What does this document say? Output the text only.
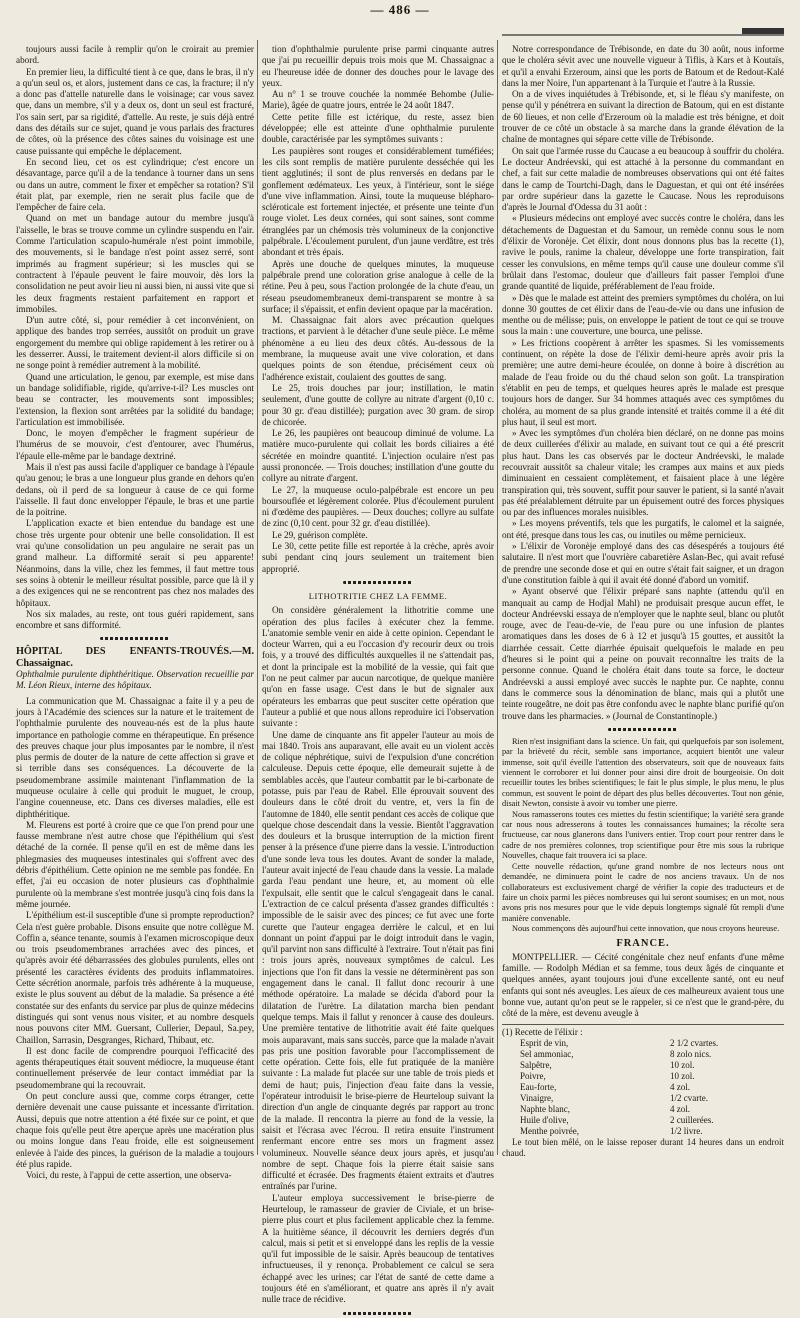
— 486 —

toujours aussi facile à remplir qu'on le croirait au premier abord.

En premier lieu, la difficulté tient à ce que, dans le bras, il n'y a qu'un seul os, et alors, justement dans ce cas, la fracture; il n'y a donc pas d'attelle naturelle dans le voisinage; car vous savez que, dans un membre, s'il y a deux os, dont un seul est fracturé, l'os sain sert, par sa rigidité, d'attelle. Au reste, je suis déjà entré dans des détails sur ce sujet, quand je vous parlais des fractures de côtes, où la présence des côtes saines du voisinage est une cause puissante qui empêche le déplacement.

En second lieu, cet os est cylindrique; c'est encore un désavantage, parce qu'il a de la tendance à tourner dans un sens ou dans un autre, comment le fixer et empêcher sa rotation? S'il était plat, par exemple, rien ne serait plus facile que de l'empêcher de faire cela.

Quand on met un bandage autour du membre jusqu'à l'aisselle, le bras se trouve comme un cylindre suspendu en l'air. Comme l'articulation scapulo-humérale n'est point immobile, des mouvements, si le bandage n'est point assez serré, sont imprimés au fragment supérieur; si les muscles qui se contractent à l'épaule peuvent le faire mouvoir, dès lors la consolidation ne peut avoir lieu ni aussi bien, ni aussi vite que si les deux fragments restaient parfaitement en rapport et immobiles.

D'un autre côté, si, pour remédier à cet inconvénient, on applique des bandes trop serrées, aussitôt on produit un grave engorgement du membre qui oblige rapidement à les retirer ou à les desserrer. Aussi, le traitement devient-il alors difficile si on ne songe point à remédier autrement à la mobilité.

Quand une articulation, le genou, par exemple, est mise dans un bandage solidifiable, rigide, qu'arrive-t-il? Les muscles ont beau se contracter, les mouvements sont impossibles; l'extension, la flexion sont arrêtées par la solidité du bandage; l'articulation est immobilisée.

Donc, le moyen d'empêcher le fragment supérieur de l'humérus de se mouvoir, c'est d'entourer, avec l'humérus, l'épaule elle-même par le bandage dextriné.

Mais il n'est pas aussi facile d'appliquer ce bandage à l'épaule qu'au genou; le bras a une longueur plus grande en dehors qu'en dedans, où il perd de sa longueur à cause de ce qui forme l'aisselle. Il faut donc envelopper l'épaule, le bras et une partie de la poitrine.

L'application exacte et bien entendue du bandage est une chose très urgente pour obtenir une belle consolidation. Il est vrai qu'une consolidation un peu angulaire ne serait pas un grand malheur. La difformité serait si peu apparente! Néanmoins, dans la ville, chez les femmes, il faut mettre tous ses soins à obtenir le meilleur résultat possible, parce que là il y a des exigences qui ne se rencontrent pas chez nos malades des hôpitaux.

Nos six malades, au reste, ont tous guéri rapidement, sans encombre et sans difformité.

HÔPITAL DES ENFANTS-TROUVÉS.—M. Chassaignac.

Ophthalmie purulente diphthéritique. Observation recueillie par M. Léon Rieux, interne des hôpitaux.

La communication que M. Chassaignac a faite il y a peu de jours à l'Académie des sciences sur la nature et le traitement de l'ophthalmie purulente des nouveau-nés est de la plus haute importance en pathologie comme en thérapeutique. En présence des preuves chaque jour plus imposantes par le nombre, il n'est plus permis de douter de la nature de cette affection si grave et si terrible dans ses conséquences. La découverte de la pseudomembrane assimile maintenant l'inflammation de la muqueuse oculaire à celle qui produit le muguet, le croup, l'angine couenneuse, etc. Dans ces diverses maladies, elle est diphthéritique.

M. Fleurens est porté à croire que ce que l'on prend pour une fausse membrane n'est autre chose que l'épithélium qui s'est détaché de la cornée. Il pense qu'il en est de même dans les phlegmasies des muqueuses intestinales qui s'offrent avec des débris d'épithélium. Cette opinion ne me semble pas fondée. En effet, j'ai eu occasion de noter plusieurs cas d'ophthalmie purulente où la membrane s'est montrée jusqu'à cinq fois dans la même journée.

L'épithélium est-il susceptible d'une si prompte reproduction? Cela n'est guère probable. Disons ensuite que notre collègue M. Coffin a, séance tenante, soumis à l'examen microscopique deux ou trois pseudomembranes arrachées avec des pinces, et qu'après avoir été débarrassées des globules purulents, elles ont présenté les caractères évidents des produits inflammatoires. Cette sécrétion anormale, parfois très adhérente à la muqueuse, existe le plus souvent au début de la maladie. Sa présence a été constatée sur des enfants du service par plus de quinze médecins distingués qui sont venus nous visiter, et au nombre desquels nous pouvons citer MM. Guersant, Cullerier, Depaul, Sa.pey, Chaillon, Sarrasin, Desgranges, Richard, Thibaut, etc.

Il est donc facile de comprendre pourquoi l'efficacité des agents thérapeutiques était souvent médiocre, la muqueuse étant continuellement préservée de leur contact immédiat par la pseudomembrane qui la recouvrait.

On peut conclure aussi que, comme corps étranger, cette dernière devenait une cause puissante et incessante d'irritation. Aussi, depuis que notre attention a été fixée sur ce point, et que chaque fois qu'elle peut être aperçue après une macération plus ou moins longue dans l'eau froide, elle est soigneusement enlevée à l'aide des pinces, la guérison de la maladie a toujours été plus rapide.

Voici, du reste, à l'appui de cette assertion, une observa-

tion d'ophthalmie purulente prise parmi cinquante autres que j'ai pu recueillir depuis trois mois que M. Chassaignac a eu l'heureuse idée de donner des douches pour le lavage des yeux.

Au n° 1 se trouve couchée la nommée Behombe (Julie-Marie), âgée de quatre jours, entrée le 24 août 1847.

Cette petite fille est ictérique, du reste, assez bien développée; elle est atteinte d'une ophthalmie purulente double, caractérisée par les symptômes suivants :

Les paupières sont rouges et considérablement tuméfiées; les cils sont remplis de matière purulente desséchée qui les tient agglutinés; il sont de plus renversés en dedans par le gonflement œdémateux. Les yeux, à l'intérieur, sont le siége d'une vive inflammation. Ainsi, toute la muqueuse blépharo-scléroticale est fortement injectée, et présente une teinte d'un rouge violet. Les deux cornées, qui sont saines, sont comme étranglées par un chémosis très volumineux de la conjonctive palpébrale. L'écoulement purulent, d'un jaune verdâtre, est très abondant et très épais.

Après une douche de quelques minutes, la muqueuse palpébrale prend une coloration grise analogue à celle de la rétine. Peu à peu, sous l'action prolongée de la chute d'eau, un réseau pseudomembraneux demi-transparent se montre à sa surface; il s'épaissit, et enfin devient opaque par la macération.

M. Chassaignac fait alors avec précaution quelques tractions, et parvient à le détacher d'une seule pièce. Le même phénomène a eu lieu des deux côtés. Au-dessous de la membrane, la muqueuse avait une vive coloration, et dans quelques points de son étendue, précisément ceux où l'adhérence existait, coulaient des gouttes de sang.

Le 25, trois douches par jour; instillation, le matin seulement, d'une goutte de collyre au nitrate d'argent (0,10 c. pour 30 gr. d'eau distillée); purgation avec 30 gram. de sirop de chicorée.

Le 26, les paupières ont beaucoup diminué de volume. La matière muco-purulente qui collait les bords ciliaires a été sécrétée en moindre quantité. L'injection oculaire n'est pas aussi prononcée. — Trois douches; instillation d'une goutte du collyre au nitrate d'argent.

Le 27, la muqueuse oculo-palpébrale est encore un peu boursouflée et légèrement colorée. Plus d'écoulement purulent ni d'œdème des paupières. — Deux douches; collyre au sulfate de zinc (0,10 cent. pour 32 gr. d'eau distillée).

Le 29, guérison complète.

Le 30, cette petite fille est reportée à la crèche, après avoir subi pendant cinq jours seulement un traitement bien approprié.

LITHOTRITIE CHEZ LA FEMME.

On considère généralement la lithotritie comme une opération des plus faciles à exécuter chez la femme. L'anatomie semble venir en aide à cette opinion. Cependant le docteur Warren, qui a eu l'occasion d'y recourir deux ou trois fois, y a trouvé des difficultés auxquelles il ne s'attendait pas, et dont la principale est la mobilité de la vessie, qui fait que l'on ne peut calmer par aucun narcotique, de quelque manière qu'on en fasse usage. C'est dans le but de signaler aux opérateurs les embarras que peut susciter cette opération que l'auteur a publié et que nous allons reproduire ici l'observation suivante :

Une dame de cinquante ans fit appeler l'auteur au mois de mai 1840. Trois ans auparavant, elle avait eu un violent accès de colique néphrétique, suivi de l'expulsion d'une concrétion calculeuse. Depuis cette époque, elle demeurait sujette à de semblables accès, que l'auteur combattit par le bi-carbonate de potasse, puis par l'eau de Rabel. Elle éprouvait souvent des douleurs dans le côté droit du ventre, et, vers la fin de l'automne de 1840, elle sentit pendant ces accès de colique que quelque chose descendait dans la vessie. Bientôt l'aggravation des douleurs et la brusque interruption de la miction firent penser à la présence d'une pierre dans la vessie. L'introduction d'une sonde leva tous les doutes. Avant de sonder la malade, l'auteur avait injecté de l'eau chaude dans la vessie. La malade garda l'eau pendant une heure, et, au moment où elle l'expulsait, elle sentit que le calcul s'engageait dans le canal. L'extraction de ce calcul présenta d'assez grandes difficultés : impossible de le saisir avec des pinces; ce fut avec une forte curette que l'auteur engagea derrière le calcul, et en lui donnant un point d'appui par le doigt introduit dans le vagin, qu'il parvint non sans difficulté à l'extraire. Tout n'était pas fini : trois jours après, nouveaux symptômes de calcul. Les injections que l'on fit dans la vessie ne déterminèrent pas son engagement dans le canal. Il fallut donc recourir à une méthode opératoire. La malade se décida d'abord pour la dilatation de l'urètre. La dilatation marcha bien pendant quelque temps. Mais il fallut y renoncer à cause des douleurs. Une première tentative de lithotritie avait été faite quelques mois auparavant, mais sans succès, parce que la malade n'avait pas pris une position favorable pour l'accomplissement de cette opération. Cette fois, elle fut pratiquée de la manière suivante : La malade fut placée sur une table de trois pieds et demi de haut; puis, l'injection d'eau faite dans la vessie, l'opérateur introduisit le brise-pierre de Heurteloup suivant la direction d'un angle de cinquante degrés par rapport au tronc de la malade. Il rencontra la pierre au fond de la vessie, la saisit et l'écrasa avec l'écrou. Il retira ensuite l'instrument renfermant encore entre ses mors un fragment assez volumineux. Nouvelle séance deux jours après, et jusqu'au nombre de sept. Chaque fois la pierre était saisie sans difficulté et écrasée. Des fragments étaient extraits et d'autres entraînés par l'urine.

L'auteur employa successivement le brise-pierre de Heurteloup, le ramasseur de gravier de Civiale, et un brise-pierre plus court et plus facilement applicable chez la femme. A la huitième séance, il découvrit les derniers degrés d'un calcul, mais si petit et si enveloppé dans les replis de la vessie qu'il fut impossible de le saisir. Après beaucoup de tentatives infructueuses, il y renonça. Probablement ce calcul se sera échappé avec les urines; car l'état de santé de cette dame a toujours été en s'améliorant, et quatre ans après il n'y avait nulle trace de récidive.

Notre correspondance de Trébisonde, en date du 30 août, nous informe que le choléra sévit avec une nouvelle vigueur à Tiflis, à Kars et à Koutaïs, et qu'il a envahi Erzeroum, ainsi que les ports de Batoum et de Redout-Kalé dans la mer Noire, l'un appartenant à la Turquie et l'autre à la Russie.

On a de vives inquiétudes à Trébisonde, et, si le fléau s'y manifeste, on pense qu'il y pénétrera en suivant la direction de Batoum, qui en est distante de 60 lieues, et non celle d'Erzeroum où la maladie est très bénigne, et doit trouver de ce côté un obstacle à sa marche dans la grande élévation de la chaîne de montagnes qui sépare cette ville de Trébisonde.

On sait que l'armée russe du Caucase a eu beaucoup à souffrir du choléra. Le docteur Andréevski, qui est attaché à la personne du commandant en chef, a fait sur cette maladie de nombreuses observations qui ont été faites dans le camp de Tourtchi-Dagh, dans le Daguestan, et qui ont été insérées par ordre supérieur dans la gazette le Caucase. Nous les reproduisons d'après le Journal d'Odessa du 31 août :

« Plusieurs médecins ont employé avec succès contre le choléra, dans les détachements de Daguestan et du Samour, un remède connu sous le nom d'élixir de Voronèje. Cet élixir, dont nous donnons plus bas la recette (1), ravive le pouls, ranime la chaleur, développe une forte transpiration, fait cesser les convulsions, en même temps qu'il cause une douleur comme s'il brûlait dans l'estomac, douleur que d'ailleurs fait passer l'emploi d'une grande quantité de liquide, préférablement de l'eau froide.

» Dès que le malade est atteint des premiers symptômes du choléra, on lui donne 30 gouttes de cet élixir dans de l'eau-de-vie ou dans une infusion de menthe ou de mélisse; puis, on enveloppe le patient de tout ce qui se trouve sous la main : une couverture, une bourca, une pelisse.

» Les frictions coopèrent à arrêter les spasmes. Si les vomissements continuent, on répète la dose de l'élixir demi-heure après avoir pris la première; une autre demi-heure écoulée, on donne à boire à discrétion au malade de l'eau froide ou du thé chaud selon son goût. La transpiration s'établit en peu de temps, et quelques heures après le malade est presque toujours hors de danger. Sur 34 hommes attaqués avec ces symptômes du choléra, au moment de sa plus grande intensité et traités comme il a été dit plus haut, il seul est mort.

» Avec les symptômes d'un choléra bien déclaré, on ne donne pas moins de deux cuillerées d'élixir au malade, en suivant tout ce qui a été prescrit plus haut. Dans les cas observés par le docteur Andréevski, le malade recouvrait aussitôt sa chaleur vitale; les crampes aux mains et aux pieds diminuaient en cessaient complètement, et faisaient place à une légère transpiration qui, très souvent, suffit pour sauver le patient, si la santé n'avait pas été préalablement détruite par un épuisement outré des forces physiques ou par des influences morales nuisibles.

» Les moyens préventifs, tels que les purgatifs, le calomel et la saignée, ont été, presque dans tous les cas, ou inutiles ou même pernicieux.

» L'élixir de Voronèje employé dans des cas désespérés a toujours été salutaire. Il n'est mort que l'ouvrière cabaretière Aslan-Bec, qui avait refusé de prendre une seconde dose et qui en outre s'était fait saigner, et un dragon d'une constitution faible à qui il avait été donné d'abord un vomitif.

» Ayant observé que l'élixir préparé sans naphte (attendu qu'il en manquait au camp de Hodjal Mahl) ne produisait presque aucun effet, le docteur Andréevski essaya de n'employer que le naphte seul, blanc ou plutôt rouge, avec de l'eau-de-vie, de l'eau pure ou une infusion de plantes aromatiques dans les doses de 6 à 12 et jusqu'à 15 gouttes, et aussitôt la diarrhée cessait. Cette diarrhée épuisait quelquefois le malade en peu d'heures si le point qui a peine on pouvait reconnaître les traits de la personne connue. Quand le choléra était dans toute sa force, le docteur Andréevski a aussi employé avec succès le naphte pur. Ce naphte, connu dans le commerce sous la dénomination de blanc, mais qui a plutôt une teinte rougeâtre, ne doit pas être confondu avec le naphte blanc purifié qu'on trouve dans les pharmacies. » (Journal de Constantinople.)

Rien n'est insignifiant dans la science. Un fait, qui quelquefois par son isolement, par la brièveté du récit, semble sans importance, acquiert bientôt une valeur immense, soit qu'il éveille l'attention des observateurs, soit que de nouveaux faits viennent le corroborer et lui donner pour ainsi dire droit de bourgeoisie. On doit recueillir toutes les bribes scientifiques; le fait le plus simple, le plus menu, le plus commun, est souvent le point de départ des plus belles découvertes. Tout non génie, disait Newton, consiste à avoir vu tomber une pierre.

Nous ramasserons toutes ces miettes du festin scientifique; la variété sera grande car nous nous adresserons à toutes les connaissances humaines; la récolte sera fructueuse, car nous glanerons dans l'univers entier. Trop court pour rentrer dans le cadre de nos premières colonnes, trop scientifique pour être mis sous la rubrique Nouvelles, chaque fait trouvera ici sa place.

Cette nouvelle rédaction, qu'une grand nombre de nos lecteurs nous ont demandée, ne diminuera point le cadre de nos anciens travaux. Un de nos collaborateurs est exclusivement chargé de vérifier la copie des traducteurs et de faire un choix parmi les pièces nombreuses qui lui seront soumises; en un mot, nous avons pris nos mesures pour que le vide depuis longtemps signalé fût rempli d'une manière convenable.

Nous commençons dès aujourd'hui cette innovation, que nous croyons heureuse.

FRANCE.

MONTPELLIER. — Cécité congénitale chez neuf enfants d'une même famille. — Rodolph Médian et sa femme, tous deux âgés de cinquante et quelques années, ayant toujours joui d'une excellente santé, ont eu neuf enfants qui sont nés aveugles. Les aïeux de ces malheureux avaient tous une bonne vue, autant qu'on peut se le rappeler, si ce n'est que le grand-père, du côté de la mère, est devenu aveugle à

(1) Recette de l'élixir :
Esprit de vin,	2 1/2 cvartes.
Sel ammoniac,	8 zolo nics.
Salpêtre,	10 zol.
Poivre,	10 zol.
Eau-forte,	4 zol.
Vinaigre,	1/2 cvarte.
Naphte blanc,	4 zol.
Huile d'olive,	2 cuillerées.
Menthe poivrée,	1/2 livre.

Le tout bien mêlé, on le laisse reposer durant 14 heures dans un endroit chaud.
